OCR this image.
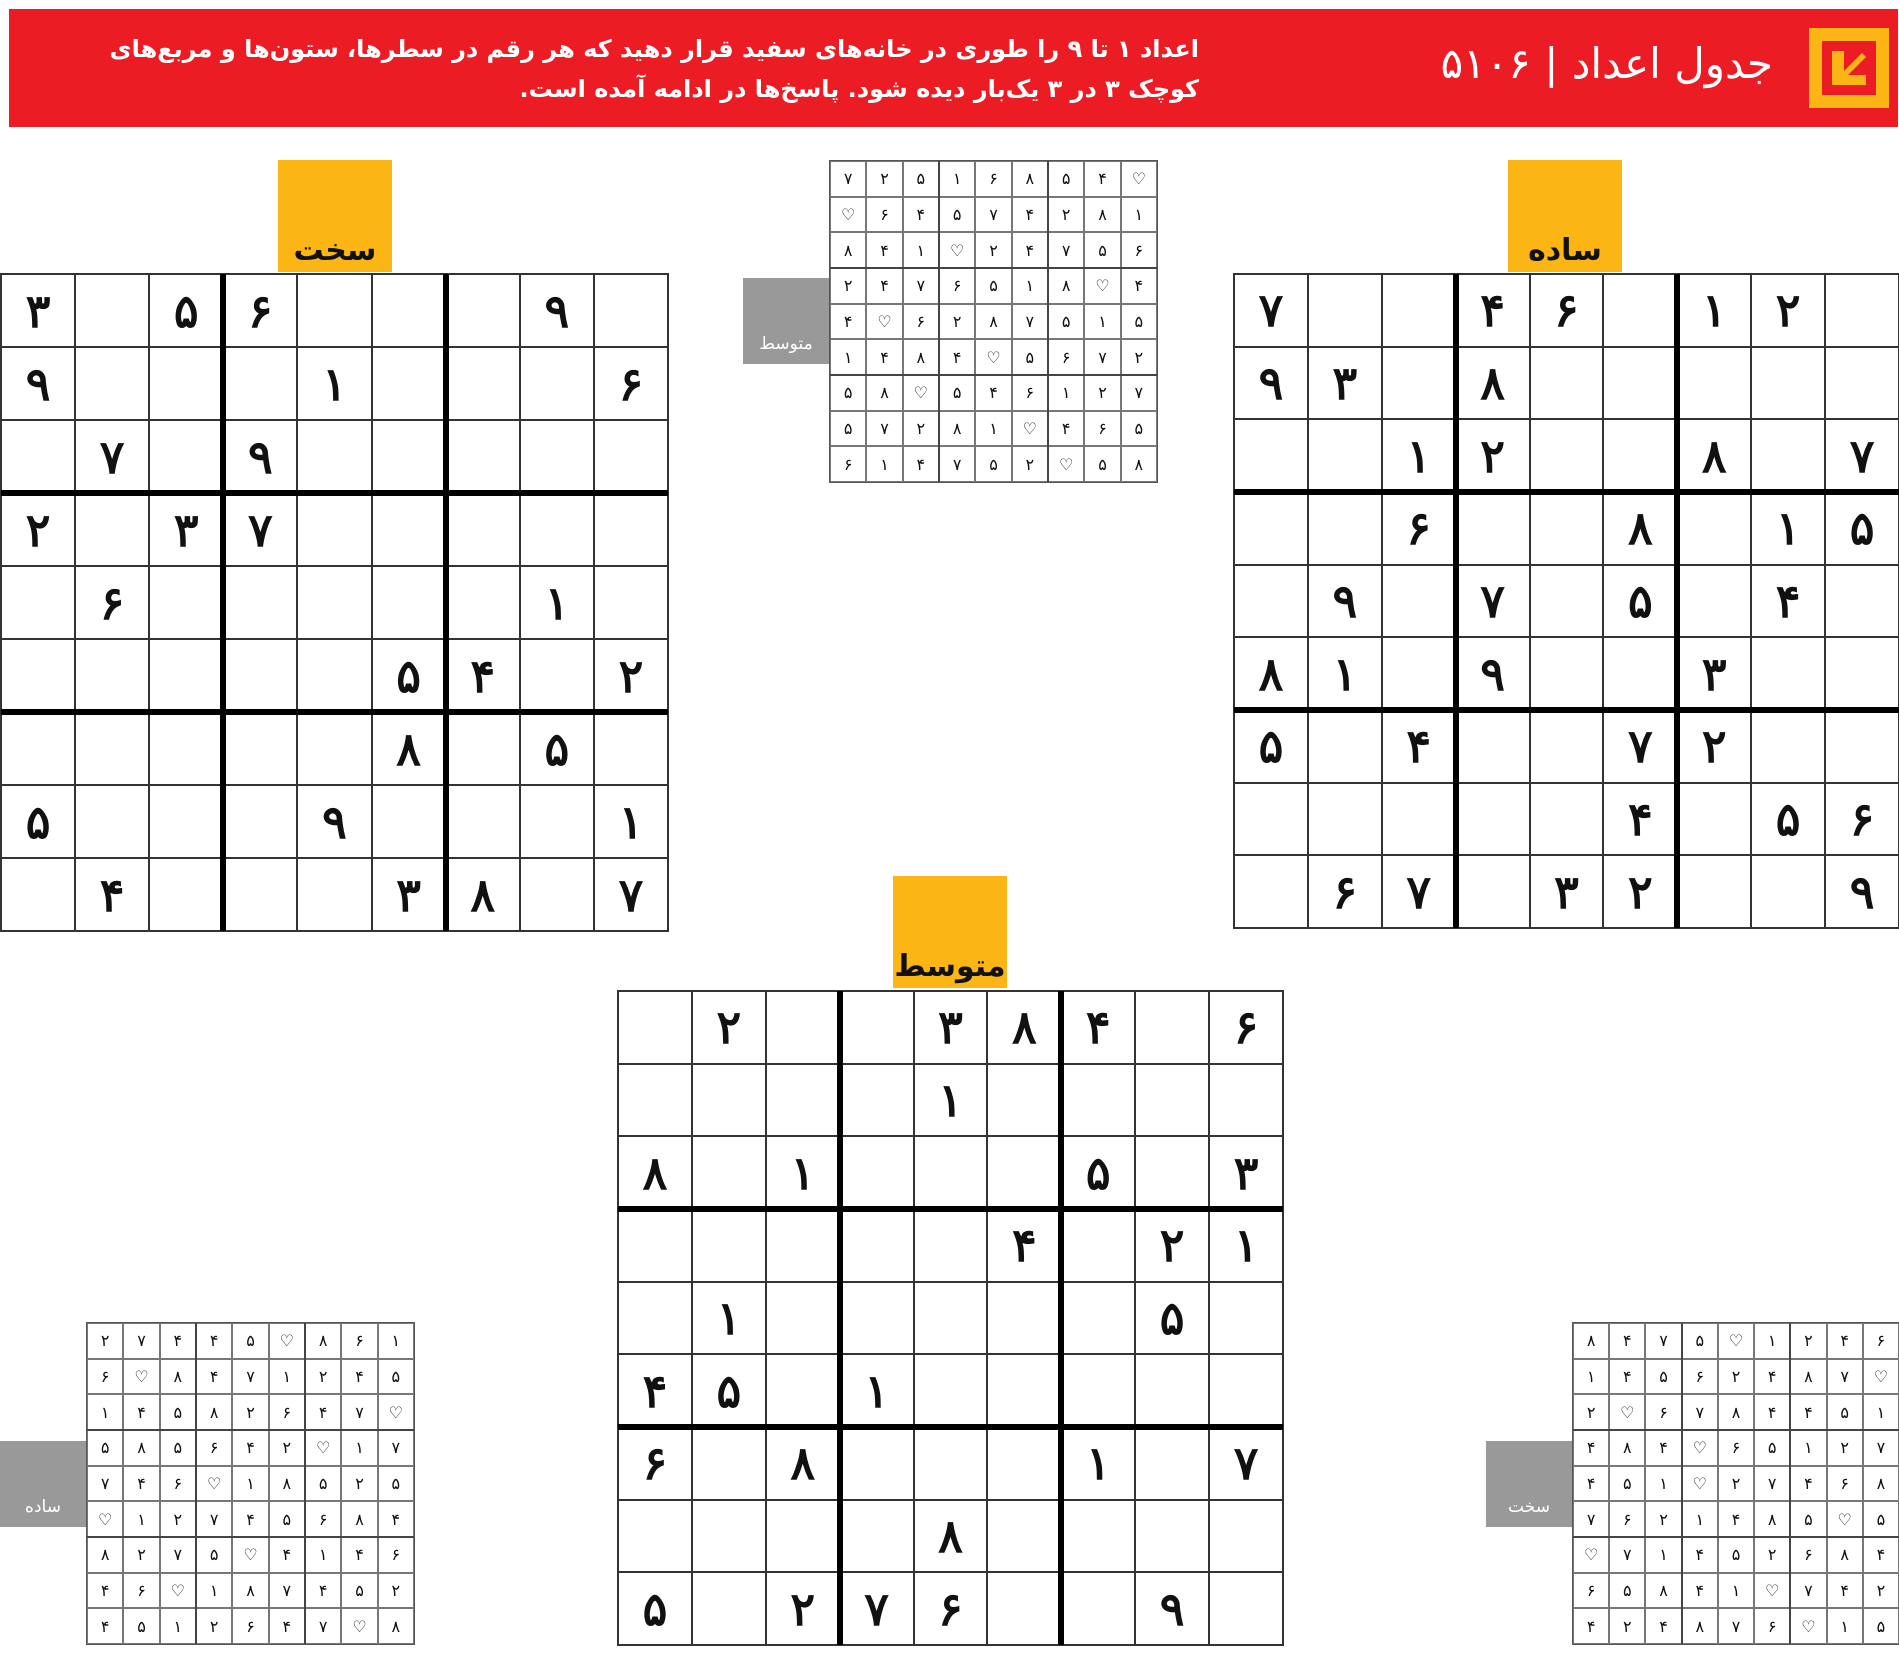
اعداد ۱ تا ۹ را طوری در خانه‌های سفید قرار دهید که هر رقم در سطرها، ستون‌ها و مربع‌های کوچک ۳ در ۳ یک‌بار دیده شود. پاسخ‌ها در ادامه آمده است.
جدول اعداد | ۵۱۰۶
سخت	ساده
متوسط
۹
۶
۵
۳
۶
۱
۹
۹
۷
۷
۳
۲
۱
۶
۲
۴
۵
۵
۸
۱
۹
۵
۷
۸
۳
۴
۲
۱
۶
۴
۷
۸
۳
۹
۷
۸
۲
۱
۵
۱
۸
۶
۴
۵
۷
۹
۳
۹
۱
۸
۲
۷
۴
۵
۶
۵
۴
۹
۲
۳
۷
۶
۶
۴
۸
۳
۲
۱
۳
۵
۱
۸
۱
۲
۴
۵
۱
۱
۵
۴
۷
۱
۸
۶
۸
۹
۶
۷
۲
۵
♡
۴
۵
۸
۶
۱
۵
۲
۷
۱
۸
۲
۴
۷
۵
۴
۶
♡
۶
۵
۷
۴
۲
♡
۱
۴
۸
۴
♡
۸
۱
۵
۶
۷
۴
۲
۵
۱
۵
۷
۸
۲
۶
♡
۴
۲
۷
۶
۵
♡
۴
۸
۴
۱
۷
۲
۱
۶
۴
۵
♡
۸
۵
۵
۶
۴
♡
۱
۸
۲
۷
۵
۸
۵
♡
۲
۵
۷
۴
۱
۶
متوسط
۱
۶
۸
♡
۵
۴
۴
۷
۲
۵
۴
۲
۱
۷
۴
۸
♡
۶
♡
۷
۴
۶
۲
۸
۵
۴
۱
۷
۱
♡
۲
۴
۶
۵
۸
۵
۵
۲
۵
۸
۱
♡
۶
۴
۷
۴
۸
۶
۵
۴
۷
۲
۱
♡
۶
۴
۱
۴
♡
۵
۷
۲
۸
۲
۵
۴
۷
۸
۱
♡
۶
۴
۸
♡
۷
۴
۶
۲
۱
۵
۴
ساده
۶
۴
۲
۱
♡
۵
۷
۴
۸
♡
۷
۸
۴
۲
۶
۵
۴
۱
۱
۵
۴
۴
۸
۷
۶
♡
۲
۷
۲
۱
۵
۶
♡
۴
۸
۴
۸
۶
۴
۷
۲
♡
۱
۵
۴
۵
♡
۵
۸
۴
۱
۲
۶
۷
۴
۸
۶
۲
۵
۴
۱
۷
♡
۲
۴
۷
♡
۱
۴
۸
۵
۶
۵
۱
♡
۶
۷
۸
۴
۲
۴
سخت
